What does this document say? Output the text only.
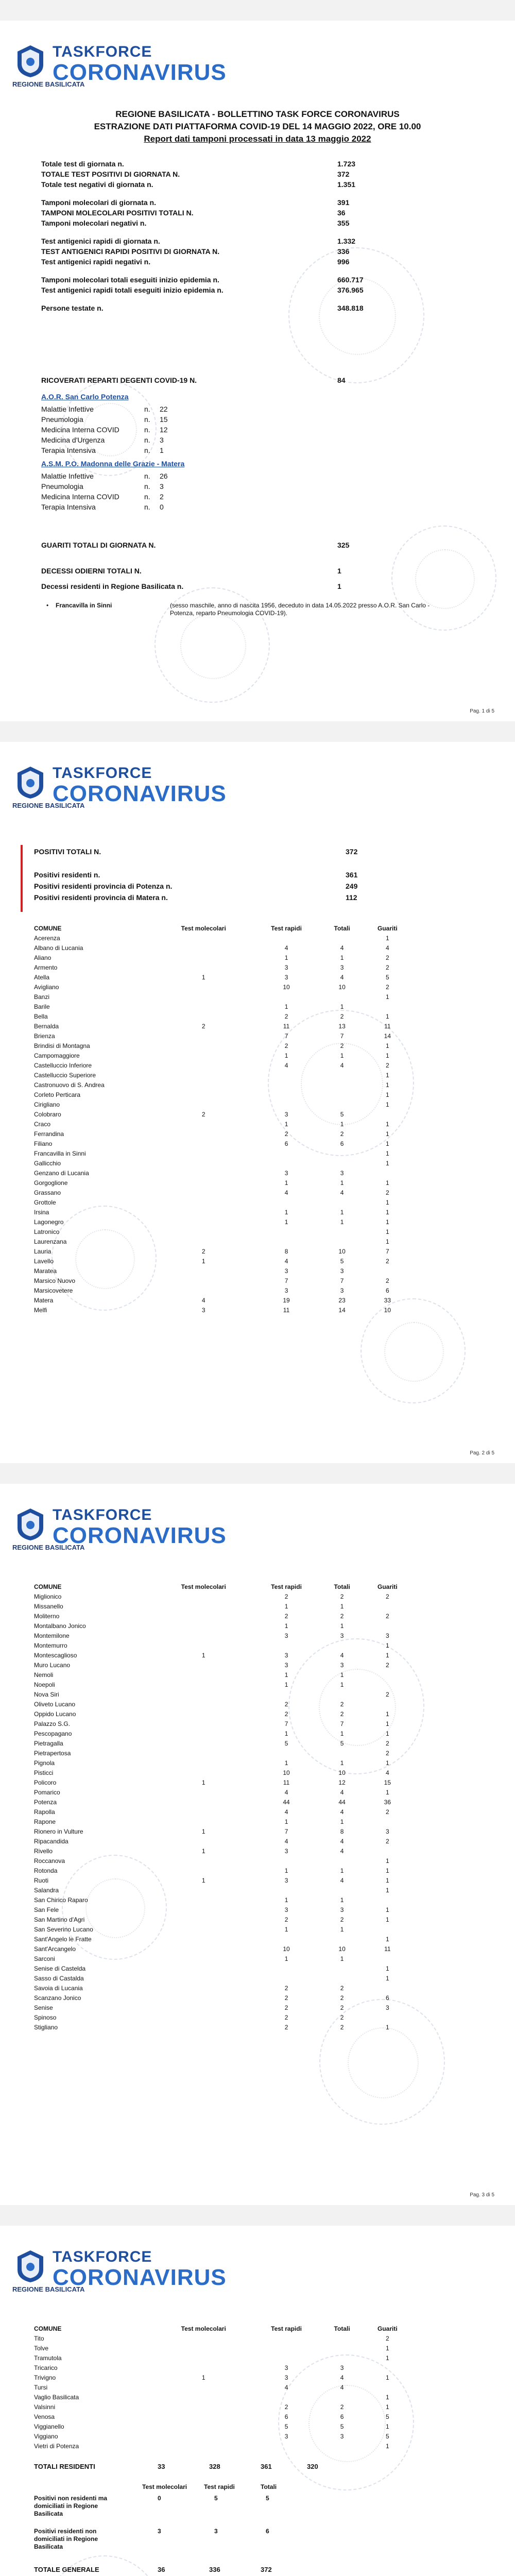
TASKFORCE
CORONAVIRUS
REGIONE BASILICATA
REGIONE BASILICATA - BOLLETTINO TASK FORCE CORONAVIRUS
ESTRAZIONE DATI PIATTAFORMA COVID-19 DEL 14 MAGGIO 2022, ORE 10.00
Report dati tamponi processati in data 13 maggio 2022
Totale test di giornata n.	1.723
TOTALE TEST POSITIVI DI GIORNATA N.	372
Totale test negativi di giornata n.	1.351
Tamponi molecolari di giornata n.	391
TAMPONI MOLECOLARI POSITIVI TOTALI N.	36
Tamponi molecolari negativi n.	355
Test antigenici rapidi di giornata n.	1.332
TEST ANTIGENICI RAPIDI POSITIVI DI GIORNATA N.	336
Test antigenici rapidi negativi n.	996
Tamponi molecolari totali eseguiti inizio epidemia n.	660.717
Test antigenici rapidi totali eseguiti inizio epidemia n.	376.965
Persone testate n.	348.818
RICOVERATI REPARTI DEGENTI COVID-19 N.	84
A.O.R. San Carlo Potenza
Malattie Infettive	22
n.
Pneumologia	15
n.
Medicina Interna COVID	12
n.
Medicina d'Urgenza	3
n.
Terapia Intensiva	1
n.
A.S.M. P.O. Madonna delle Grazie - Matera
Malattie Infettive	26
n.
Pneumologia	3
n.
Medicina Interna COVID	2
n.
Terapia Intensiva	0
n.
GUARITI TOTALI DI GIORNATA N.	325
DECESSI ODIERNI TOTALI N.	1
Decessi residenti in Regione Basilicata n.	1
• Francavilla in Sinni	(sesso maschile, anno di nascita 1956, deceduto in data 14.05.2022 presso A.O.R. San Carlo - Potenza, reparto Pneumologia COVID-19).
Pag. 1 di 5
TASKFORCE
CORONAVIRUS
REGIONE BASILICATA
POSITIVI TOTALI N.	372
Positivi residenti n.	361
Positivi residenti provincia di Potenza n.	249
Positivi residenti provincia di Matera n.	112
COMUNE	Test molecolari	Test rapidi	Totali	Guariti
Acerenza				1
Albano di Lucania		4	4	4
Aliano		1	1	2
Armento		3	3	2
Atella	1	3	4	5
Avigliano		10	10	2
Banzi				1
Barile		1	1	
Bella		2	2	1
Bernalda	2	11	13	11
Brienza		7	7	14
Brindisi di Montagna		2	2	1
Campomaggiore		1	1	1
Castelluccio Inferiore		4	4	2
Castelluccio Superiore				1
Castronuovo di S. Andrea				1
Corleto Perticara				1
Cirigliano				1
Colobraro	2	3	5	
Craco		1	1	1
Ferrandina		2	2	1
Filiano		6	6	1
Francavilla in Sinni				1
Gallicchio				1
Genzano di Lucania		3	3	
Gorgoglione		1	1	1
Grassano		4	4	2
Grottole				1
Irsina		1	1	1
Lagonegro		1	1	1
Latronico				1
Laurenzana				1
Lauria	2	8	10	7
Lavello	1	4	5	2
Maratea		3	3	
Marsico Nuovo		7	7	2
Marsicovetere		3	3	6
Matera	4	19	23	33
Melfi	3	11	14	10
Pag. 2 di 5
TASKFORCE
CORONAVIRUS
REGIONE BASILICATA
COMUNE	Test molecolari	Test rapidi	Totali	Guariti
Miglionico		2	2	2
Missanello		1	1	
Moliterno		2	2	2
Montalbano Jonico		1	1	
Montemilone		3	3	3
Montemurro				1
Montescaglioso	1	3	4	1
Muro Lucano		3	3	2
Nemoli		1	1	
Noepoli		1	1	
Nova Siri				2
Oliveto Lucano		2	2	
Oppido Lucano		2	2	1
Palazzo S.G.		7	7	1
Pescopagano		1	1	1
Pietragalla		5	5	2
Pietrapertosa				2
Pignola		1	1	1
Pisticci		10	10	4
Policoro	1	11	12	15
Pomarico		4	4	1
Potenza		44	44	36
Rapolla		4	4	2
Rapone		1	1	
Rionero in Vulture	1	7	8	3
Ripacandida		4	4	2
Rivello	1	3	4	
Roccanova				1
Rotonda		1	1	1
Ruoti	1	3	4	1
Salandra				1
San Chirico Raparo		1	1	
San Fele		3	3	1
San Martino d'Agri		2	2	1
San Severino Lucano		1	1	
Sant'Angelo le Fratte				1
Sant'Arcangelo		10	10	11
Sarconi		1	1	
Senise di Castelda				1
Sasso di Castalda				1
Savoia di Lucania		2	2	
Scanzano Jonico		2	2	6
Senise		2	2	3
Spinoso		2	2	
Stigliano		2	2	1
Pag. 3 di 5
TASKFORCE
CORONAVIRUS
REGIONE BASILICATA
COMUNE	Test molecolari	Test rapidi	Totali	Guariti
Tito				2
Tolve				1
Tramutola				1
Tricarico		3	3	
Trivigno	1	3	4	1
Tursi		4	4	
Vaglio Basilicata				1
Valsinni		2	2	1
Venosa		6	6	5
Viggianello		5	5	1
Viggiano		3	3	5
Vietri di Potenza				1
TOTALI RESIDENTI	33	328	361	320
Test molecolari	Test rapidi	Totali
Positivi non residenti ma domiciliati in Regione Basilicata
0	5	5
Positivi residenti non domiciliati in Regione Basilicata
3	3	6
TOTALE GENERALE	36	336	372
